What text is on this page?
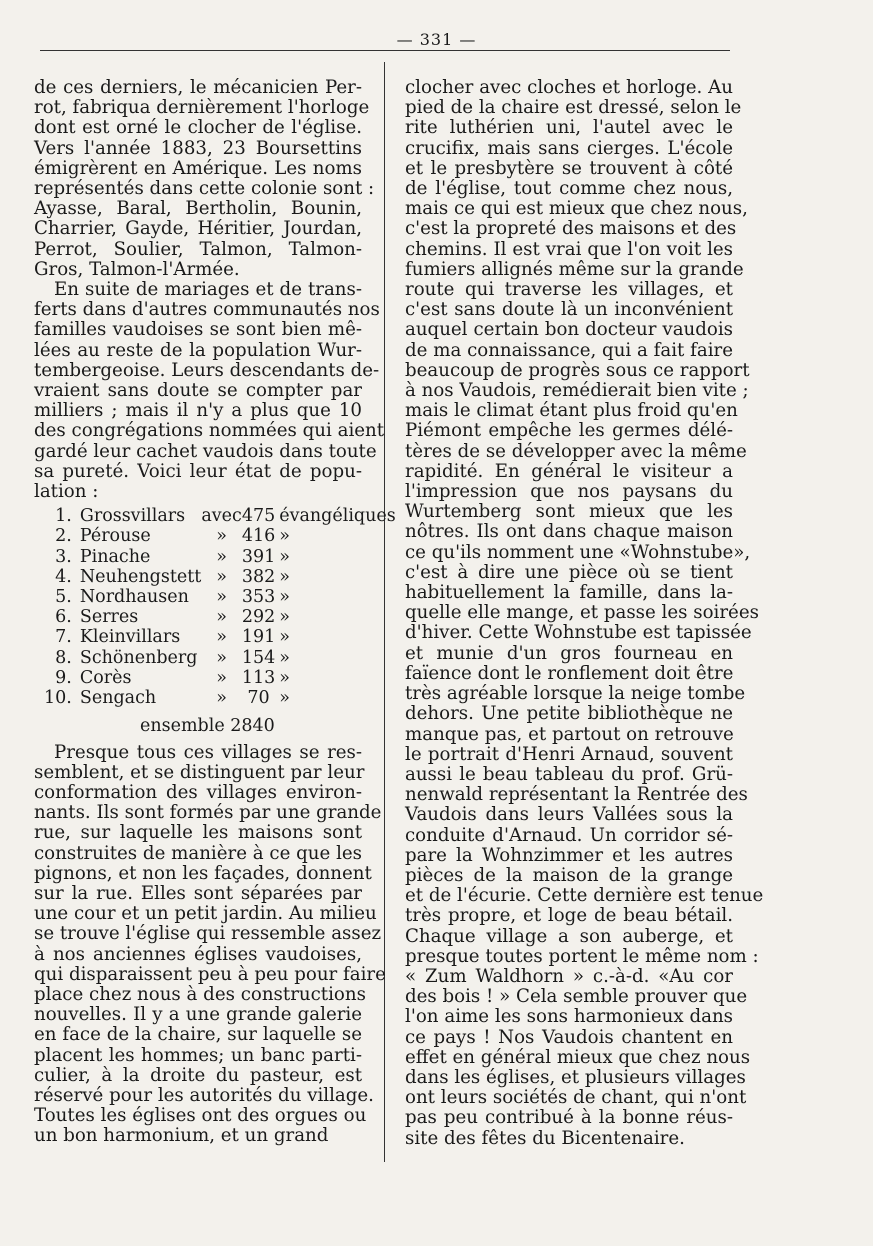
— 331 —
de ces derniers, le mécanicien Per-
rot, fabriqua dernièrement l'horloge
dont est orné le clocher de l'église.
Vers l'année 1883, 23 Boursettins
émigrèrent en Amérique. Les noms
représentés dans cette colonie sont :
Ayasse, Baral, Bertholin, Bounin,
Charrier, Gayde, Héritier, Jourdan,
Perrot, Soulier, Talmon, Talmon-
Gros, Talmon-l'Armée.
En suite de mariages et de trans-
ferts dans d'autres communautés nos
familles vaudoises se sont bien mê-
lées au reste de la population Wur-
tembergeoise. Leurs descendants de-
vraient sans doute se compter par
milliers ; mais il n'y a plus que 10
des congrégations nommées qui aient
gardé leur cachet vaudois dans toute
sa pureté. Voici leur état de popu-
lation :
1.	Grossvillars	avec	475	évangéliques
2.	Pérouse	»	416	»
3.	Pinache	»	391	»
4.	Neuhengstett	»	382	»
5.	Nordhausen	»	353	»
6.	Serres	»	292	»
7.	Kleinvillars	»	191	»
8.	Schönenberg	»	154	»
9.	Corès	»	113	»
10.	Sengach	»	70	»
ensemble 2840
Presque tous ces villages se res-
semblent, et se distinguent par leur
conformation des villages environ-
nants. Ils sont formés par une grande
rue, sur laquelle les maisons sont
construites de manière à ce que les
pignons, et non les façades, donnent
sur la rue. Elles sont séparées par
une cour et un petit jardin. Au milieu
se trouve l'église qui ressemble assez
à nos anciennes églises vaudoises,
qui disparaissent peu à peu pour faire
place chez nous à des constructions
nouvelles. Il y a une grande galerie
en face de la chaire, sur laquelle se
placent les hommes; un banc parti-
culier, à la droite du pasteur, est
réservé pour les autorités du village.
Toutes les églises ont des orgues ou
un bon harmonium, et un grand
clocher avec cloches et horloge. Au
pied de la chaire est dressé, selon le
rite luthérien uni, l'autel avec le
crucifix, mais sans cierges. L'école
et le presbytère se trouvent à côté
de l'église, tout comme chez nous,
mais ce qui est mieux que chez nous,
c'est la propreté des maisons et des
chemins. Il est vrai que l'on voit les
fumiers allignés même sur la grande
route qui traverse les villages, et
c'est sans doute là un inconvénient
auquel certain bon docteur vaudois
de ma connaissance, qui a fait faire
beaucoup de progrès sous ce rapport
à nos Vaudois, remédierait bien vite ;
mais le climat étant plus froid qu'en
Piémont empêche les germes délé-
tères de se développer avec la même
rapidité. En général le visiteur a
l'impression que nos paysans du
Wurtemberg sont mieux que les
nôtres. Ils ont dans chaque maison
ce qu'ils nomment une «Wohnstube»,
c'est à dire une pièce où se tient
habituellement la famille, dans la-
quelle elle mange, et passe les soirées
d'hiver. Cette Wohnstube est tapissée
et munie d'un gros fourneau en
faïence dont le ronflement doit être
très agréable lorsque la neige tombe
dehors. Une petite bibliothèque ne
manque pas, et partout on retrouve
le portrait d'Henri Arnaud, souvent
aussi le beau tableau du prof. Grü-
nenwald représentant la Rentrée des
Vaudois dans leurs Vallées sous la
conduite d'Arnaud. Un corridor sé-
pare la Wohnzimmer et les autres
pièces de la maison de la grange
et de l'écurie. Cette dernière est tenue
très propre, et loge de beau bétail.
Chaque village a son auberge, et
presque toutes portent le même nom :
« Zum Waldhorn » c.-à-d. «Au cor
des bois ! » Cela semble prouver que
l'on aime les sons harmonieux dans
ce pays ! Nos Vaudois chantent en
effet en général mieux que chez nous
dans les églises, et plusieurs villages
ont leurs sociétés de chant, qui n'ont
pas peu contribué à la bonne réus-
site des fêtes du Bicentenaire.
